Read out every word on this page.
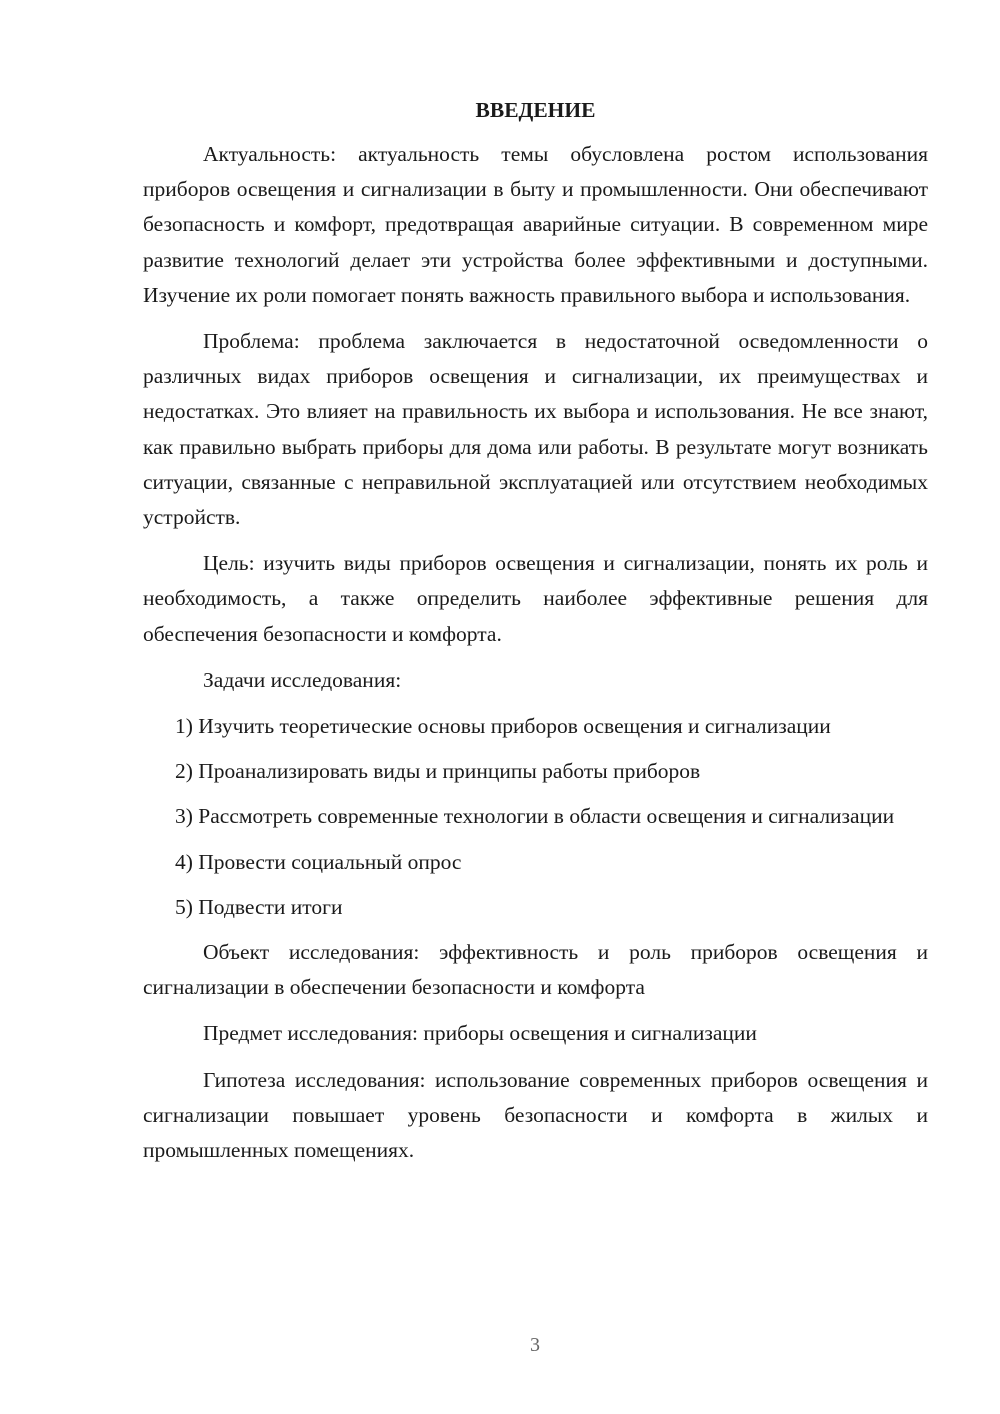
ВВЕДЕНИЕ

Актуальность: актуальность темы обусловлена ростом использования приборов освещения и сигнализации в быту и промышленности. Они обеспечивают безопасность и комфорт, предотвращая аварийные ситуации. В современном мире развитие технологий делает эти устройства более эффективными и доступными. Изучение их роли помогает понять важность правильного выбора и использования.

Проблема: проблема заключается в недостаточной осведомленности о различных видах приборов освещения и сигнализации, их преимуществах и недостатках. Это влияет на правильность их выбора и использования. Не все знают, как правильно выбрать приборы для дома или работы. В результате могут возникать ситуации, связанные с неправильной эксплуатацией или отсутствием необходимых устройств.

Цель: изучить виды приборов освещения и сигнализации, понять их роль и необходимость, а также определить наиболее эффективные решения для обеспечения безопасности и комфорта.

Задачи исследования:

1) Изучить теоретические основы приборов освещения и сигнализации

2) Проанализировать виды и принципы работы приборов

3) Рассмотреть современные технологии в области освещения и сигнализации

4) Провести социальный опрос

5) Подвести итоги

Объект исследования: эффективность и роль приборов освещения и сигнализации в обеспечении безопасности и комфорта

Предмет исследования: приборы освещения и сигнализации

Гипотеза исследования: использование современных приборов освещения и сигнализации повышает уровень безопасности и комфорта в жилых и промышленных помещениях.

3
